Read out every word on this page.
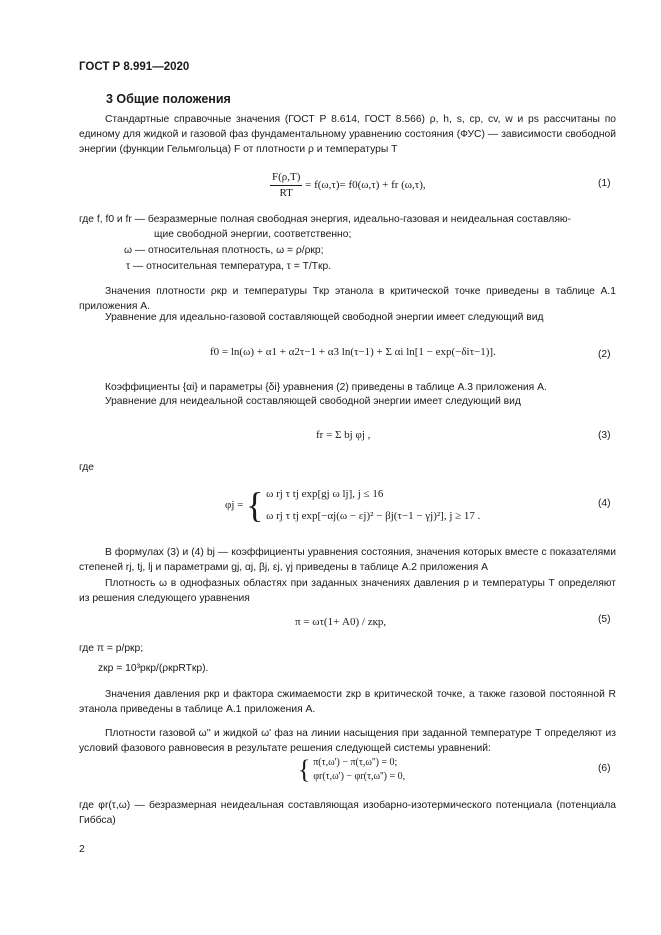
ГОСТ Р 8.991—2020
3 Общие положения
Стандартные справочные значения (ГОСТ Р 8.614, ГОСТ 8.566) ρ, h, s, cp, cv, w и ps рассчитаны по единому для жидкой и газовой фаз фундаментальному уравнению состояния (ФУС) — зависимости свободной энергии (функции Гельмгольца) F от плотности ρ и температуры T
$\frac{F(\rho,T)}{RT} = f(\omega,\tau)= f0(\omega,\tau)$ + fr (ω,τ),	(1)
где f, f0 и fr — безразмерные полная свободная энергия, идеально-газовая и неидеальная составляю-
щие свободной энергии, соответственно;
ω — относительная плотность, ω = ρ/ρкр;
τ — относительная температура, τ = T/Tкр.
Значения плотности ρкр и температуры Tкр этанола в критической точке приведены в таблице А.1 приложения А.
Уравнение для идеально-газовой составляющей свободной энергии имеет следующий вид
f0 = ln(ω) + α1 + α2τ−1 + α3 ln(τ−1) + Σ αi ln[1 − exp(−δiτ−1)].	(2)
Коэффициенты {αi} и параметры {δi} уравнения (2) приведены в таблице А.3 приложения А.
Уравнение для неидеальной составляющей свободной энергии имеет следующий вид
fr = Σ bj φj ,	(3)
где
φj = { ω rj τ tj exp[gj ω lj], j ≤ 16
ω rj τ tj exp[−αj(ω − εj)² − βj(τ−1 − γj)²], j ≥ 17 .
(4)
В формулах (3) и (4) bj — коэффициенты уравнения состояния, значения которых вместе с показателями степеней rj, tj, lj и параметрами gj, αj, βj, εj, γj приведены в таблице А.2 приложения А
Плотность ω в однофазных областях при заданных значениях давления p и температуры T определяют из решения следующего уравнения
π = ωτ(1+ A0) / zкр,	(5)
где π = p/pкр;
zкр = 10³pкр/(ρкрRTкр).
Значения давления pкр и фактора сжимаемости zкр в критической точке, а также газовой постоянной R этанола приведены в таблице А.1 приложения А.
Плотности газовой ω'' и жидкой ω' фаз на линии насыщения при заданной температуре T определяют из условий фазового равновесия в результате решения следующей системы уравнений:
{ π(τ,ω') − π(τ,ω'') = 0;
φr(τ,ω') − φr(τ,ω'') = 0,
(6)
где φr(τ,ω) — безразмерная неидеальная составляющая изобарно-изотермического потенциала (потенциала Гиббса)
2
